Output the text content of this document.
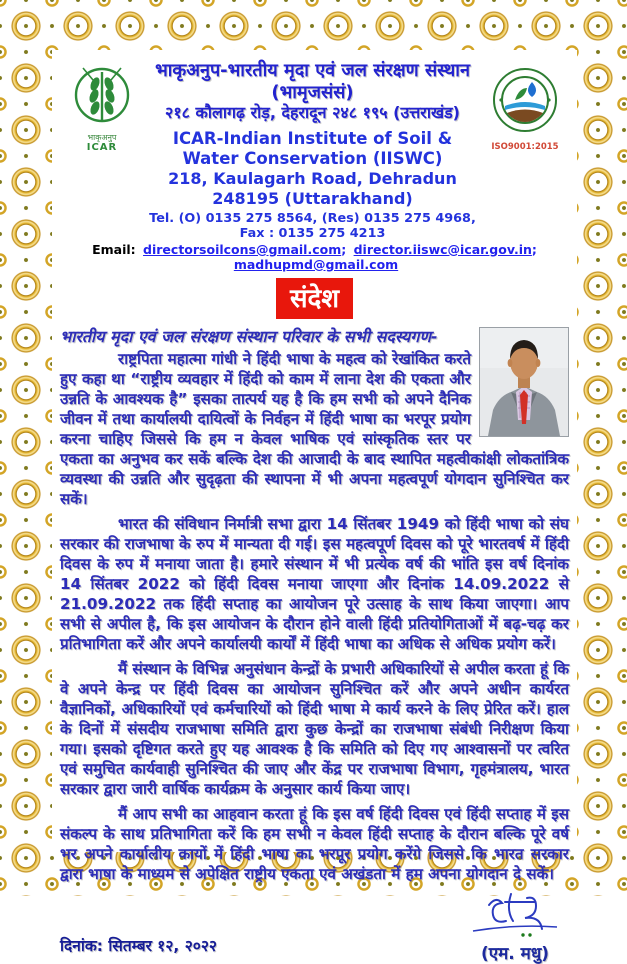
भाकृअनुप
ICAR
भाकृअनुप-भारतीय मृदा एवं जल संरक्षण संस्थान (भामृजसंसं)
२१८ कौलागढ़ रोड़, देहरादून २४८ १९५ (उत्तराखंड)
ICAR-Indian Institute of Soil & Water Conservation (IISWC)
218, Kaulagarh Road, Dehradun 248195 (Uttarakhand)
Tel. (O) 0135 275 8564, (Res) 0135 275 4968, Fax : 0135 275 4213
ISO9001:2015
Email: directorsoilcons@gmail.com; director.iiswc@icar.gov.in; madhupmd@gmail.com
संदेश
भारतीय मृदा एवं जल संरक्षण संस्थान परिवार के सभी सदस्यगण-

राष्ट्रपिता महात्मा गांधी ने हिंदी भाषा के महत्व को रेखांकित करते हुए कहा था “राष्ट्रीय व्यवहार में हिंदी को काम में लाना देश की एकता और उन्नति के आवश्यक है” इसका तात्पर्य यह है कि हम सभी को अपने दैनिक जीवन में तथा कार्यालयी दायित्वों के निर्वहन में हिंदी भाषा का भरपूर प्रयोग करना चाहिए जिससे कि हम न केवल भाषिक एवं सांस्कृतिक स्तर पर एकता का अनुभव कर सकें बल्कि देश की आजादी के बाद स्थापित महत्वीकांक्षी लोकतांत्रिक व्यवस्था की उन्नति और सुदृढ़ता की स्थापना में भी अपना महत्वपूर्ण योगदान सुनिश्चित कर सकें।

भारत की संविधान निर्मात्री सभा द्वारा 14 सिंतबर 1949 को हिंदी भाषा को संघ सरकार की राजभाषा के रुप में मान्यता दी गई। इस महत्वपूर्ण दिवस को पूरे भारतवर्ष में हिंदी दिवस के रुप में मनाया जाता है। हमारे संस्थान में भी प्रत्येक वर्ष की भांति इस वर्ष दिनांक 14 सिंतबर 2022 को हिंदी दिवस मनाया जाएगा और दिनांक 14.09.2022 से 21.09.2022 तक हिंदी सप्ताह का आयोजन पूरे उत्साह के साथ किया जाएगा। आप सभी से अपील है, कि इस आयोजन के दौरान होने वाली हिंदी प्रतियोगिताओं में बढ़-चढ़ कर प्रतिभागिता करें और अपने कार्यालयी कार्यों में हिंदी भाषा का अधिक से अधिक प्रयोग करें।

मैं संस्थान के विभिन्न अनुसंधान केन्द्रों के प्रभारी अधिकारियों से अपील करता हूं कि वे अपने केन्द्र पर हिंदी दिवस का आयोजन सुनिश्चित करें और अपने अधीन कार्यरत वैज्ञानिकों, अधिकारियों एवं कर्मचारियों को हिंदी भाषा मे कार्य करने के लिए प्रेरित करें। हाल के दिनों में संसदीय राजभाषा समिति द्वारा कुछ केन्द्रों का राजभाषा संबंधी निरीक्षण किया गया। इसको दृष्टिगत करते हुए यह आवश्क है कि समिति को दिए गए आश्वासनों पर त्वरित एवं समुचित कार्यवाही सुनिश्चित की जाए और केंद्र पर राजभाषा विभाग, गृहमंत्रालय, भारत सरकार द्वारा जारी वार्षिक कार्यक्रम के अनुसार कार्य किया जाए।

मैं आप सभी का आहवान करता हूं कि इस वर्ष हिंदी दिवस एवं हिंदी सप्ताह में इस संकल्प के साथ प्रतिभागिता करें कि हम सभी न केवल हिंदी सप्ताह के दौरान बल्कि पूरे वर्ष भर अपने कार्यालीय कायों में हिंदी भाषा का भरपूर प्रयोग करेंगे जिससे कि भारत सरकार द्वारा भाषा के माध्यम से अपेक्षित राष्ट्रीय एकता एवं अखंडता में हम अपना योगदान दे सकें।

दिनांक: सितम्बर १२, २०२२	(एम. मधु)
